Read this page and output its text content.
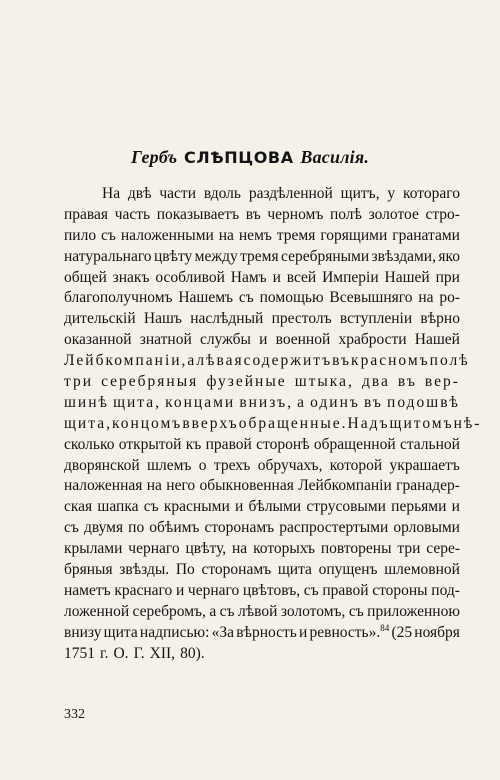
Гербъ СЛѢПЦОВА Василія.
На двѣ части вдоль раздѣленной щитъ, у котораго
правая часть показываетъ въ черномъ полѣ золотое стро-
пило съ наложенными на немъ тремя горящими гранатами
натуральнаго цвѣту между тремя серебряными звѣздами, яко
общей знакъ особливой Намъ и всей Имперіи Нашей при
благополучномъ Нашемъ съ помощью Всевышняго на ро-
дительскій Нашъ наслѣдный престолъ вступленіи вѣрно
оказанной знатной службы и военной храбрости Нашей
Лейбкомпаніи, а лѣвая содержитъ въ красномъ полѣ
три серебряныя фузейные штыка, два въ вер-
шинѣ щита, концами внизъ, а одинъ въ подошвѣ
щита, концомъ вверхъ обращенные. Надъ щитомъ нѣ-
сколько открытой къ правой сторонѣ обращенной стальной
дворянской шлемъ о трехъ обручахъ, которой украшаетъ
наложенная на него обыкновенная Лейбкомпаніи гранадер-
ская шапка съ красными и бѣлыми струсовыми перьями и
съ двумя по обѣимъ сторонамъ распростертыми орловыми
крылами чернаго цвѣту, на которыхъ повторены три сере-
бряныя звѣзды. По сторонамъ щита опущенъ шлемовной
наметъ краснаго и чернаго цвѣтовъ, съ правой стороны под-
ложенной серебромъ, а съ лѣвой золотомъ, съ приложенною
внизу щита надписью: «За вѣрность и ревность».$^{84}$ (25 ноября
1751 г. О. Г. XII, 80).
332
